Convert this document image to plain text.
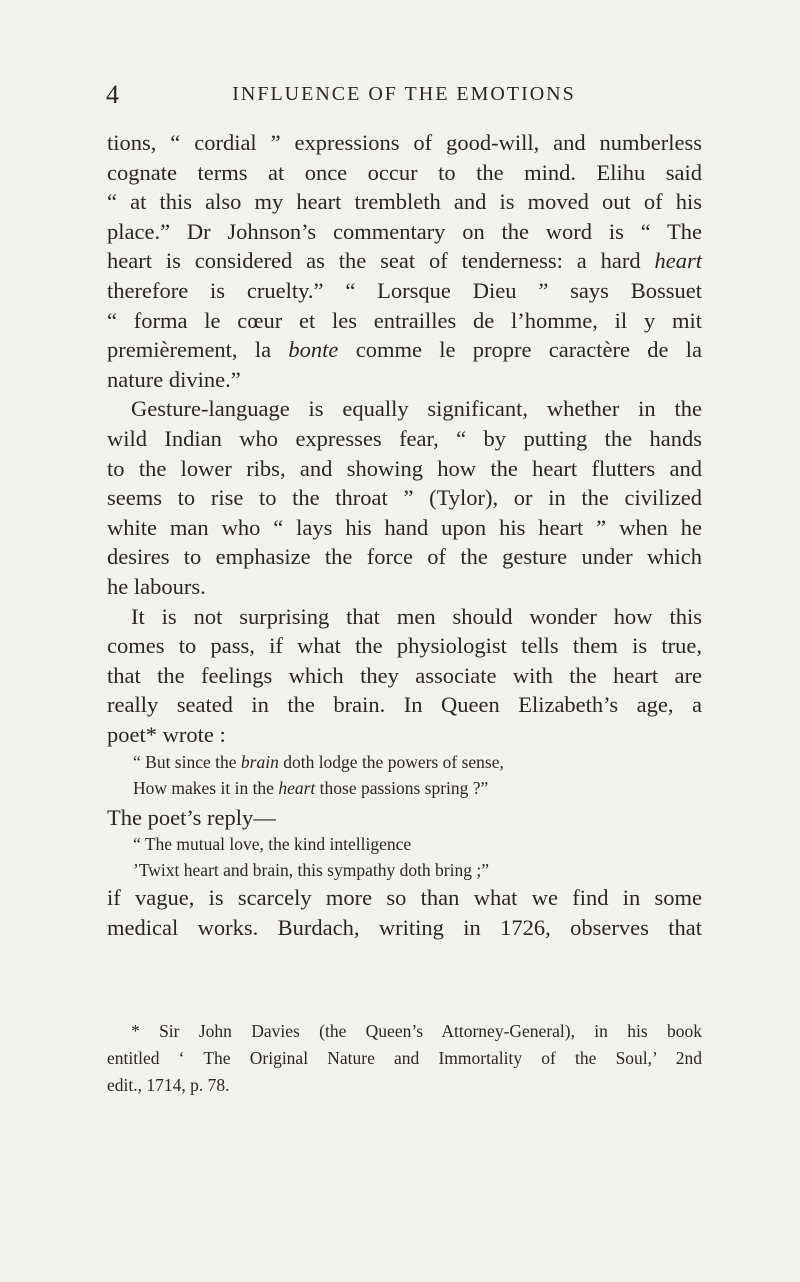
4	INFLUENCE OF THE EMOTIONS
tions, “ cordial ” expressions of good-will, and numberless
cognate terms at once occur to the mind. Elihu said
“ at this also my heart trembleth and is moved out of his
place.” Dr Johnson’s commentary on the word is “ The
heart is considered as the seat of tenderness: a hard heart
therefore is cruelty.” “ Lorsque Dieu ” says Bossuet
“ forma le cœur et les entrailles de l’homme, il y mit
premièrement, la bonte comme le propre caractère de la
nature divine.”
Gesture-language is equally significant, whether in the
wild Indian who expresses fear, “ by putting the hands
to the lower ribs, and showing how the heart flutters and
seems to rise to the throat ” (Tylor), or in the civilized
white man who “ lays his hand upon his heart ” when he
desires to emphasize the force of the gesture under which
he labours.
It is not surprising that men should wonder how this
comes to pass, if what the physiologist tells them is true,
that the feelings which they associate with the heart are
really seated in the brain. In Queen Elizabeth’s age, a
poet* wrote :
“ But since the brain doth lodge the powers of sense,
How makes it in the heart those passions spring ?”
The poet’s reply—
“ The mutual love, the kind intelligence
’Twixt heart and brain, this sympathy doth bring ;”
if vague, is scarcely more so than what we find in some
medical works. Burdach, writing in 1726, observes that
* Sir John Davies (the Queen’s Attorney-General), in his book
entitled ‘ The Original Nature and Immortality of the Soul,’ 2nd
edit., 1714, p. 78.
